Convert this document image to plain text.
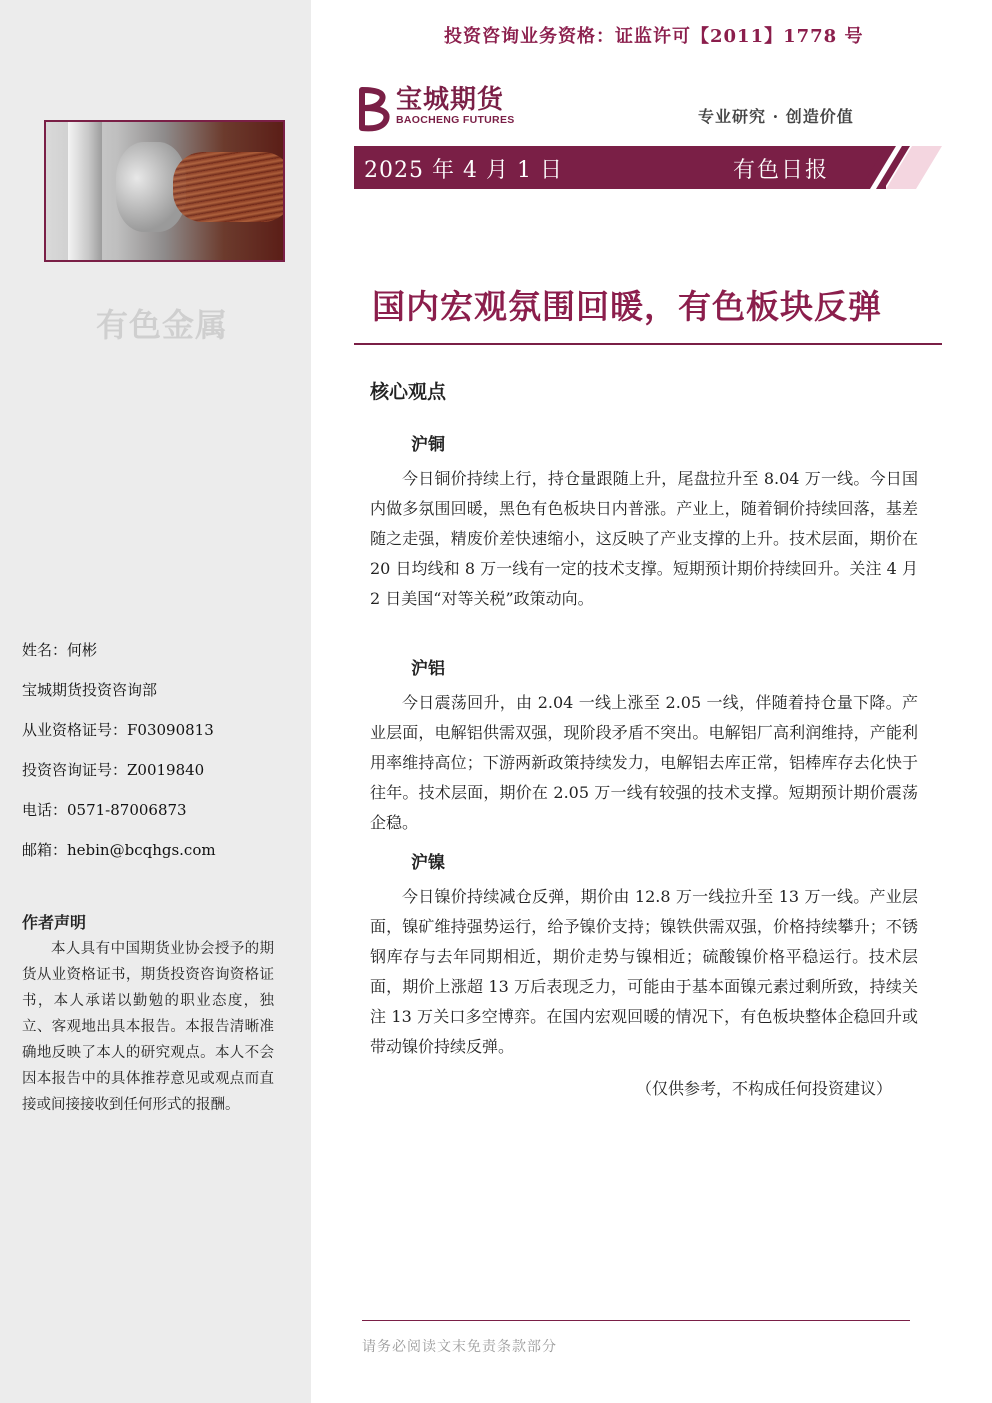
有色金属
姓名：何彬
宝城期货投资咨询部
从业资格证号：F03090813
投资咨询证号：Z0019840
电话：0571-87006873
邮箱：hebin@bcqhgs.com
作者声明
本人具有中国期货业协会授予的期货从业资格证书，期货投资咨询资格证书，本人承诺以勤勉的职业态度，独立、客观地出具本报告。本报告清晰准确地反映了本人的研究观点。本人不会因本报告中的具体推荐意见或观点而直接或间接接收到任何形式的报酬。
投资咨询业务资格：证监许可【2011】1778 号
宝城期货
BAOCHENG FUTURES	专业研究 · 创造价值
2025 年 4 月 1 日	有色日报
国内宏观氛围回暖，有色板块反弹
核心观点
沪铜
今日铜价持续上行，持仓量跟随上升，尾盘拉升至 8.04 万一线。今日国内做多氛围回暖，黑色有色板块日内普涨。产业上，随着铜价持续回落，基差随之走强，精废价差快速缩小，这反映了产业支撑的上升。技术层面，期价在 20 日均线和 8 万一线有一定的技术支撑。短期预计期价持续回升。关注 4 月 2 日美国“对等关税”政策动向。
沪铝
今日震荡回升，由 2.04 一线上涨至 2.05 一线，伴随着持仓量下降。产业层面，电解铝供需双强，现阶段矛盾不突出。电解铝厂高利润维持，产能利用率维持高位；下游两新政策持续发力，电解铝去库正常，铝棒库存去化快于往年。技术层面，期价在 2.05 万一线有较强的技术支撑。短期预计期价震荡企稳。
沪镍
今日镍价持续减仓反弹，期价由 12.8 万一线拉升至 13 万一线。产业层面，镍矿维持强势运行，给予镍价支持；镍铁供需双强，价格持续攀升；不锈钢库存与去年同期相近，期价走势与镍相近；硫酸镍价格平稳运行。技术层面，期价上涨超 13 万后表现乏力，可能由于基本面镍元素过剩所致，持续关注 13 万关口多空博弈。在国内宏观回暖的情况下，有色板块整体企稳回升或带动镍价持续反弹。
（仅供参考，不构成任何投资建议）
请务必阅读文末免责条款部分
